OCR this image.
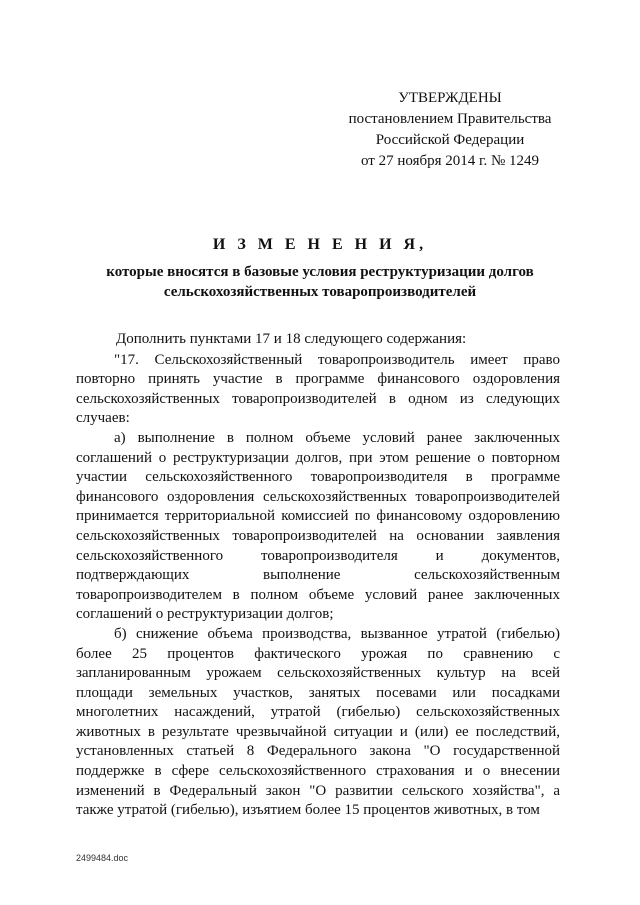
УТВЕРЖДЕНЫ
постановлением Правительства
Российской Федерации
от 27 ноября 2014 г. № 1249
И З М Е Н Е Н И Я,
которые вносятся в базовые условия реструктуризации долгов сельскохозяйственных товаропроизводителей

Дополнить пунктами 17 и 18 следующего содержания:

"17. Сельскохозяйственный товаропроизводитель имеет право повторно принять участие в программе финансового оздоровления сельскохозяйственных товаропроизводителей в одном из следующих случаев:

а) выполнение в полном объеме условий ранее заключенных соглашений о реструктуризации долгов, при этом решение о повторном участии сельскохозяйственного товаропроизводителя в программе финансового оздоровления сельскохозяйственных товаропроизводителей принимается территориальной комиссией по финансовому оздоровлению сельскохозяйственных товаропроизводителей на основании заявления сельскохозяйственного товаропроизводителя и документов, подтверждающих выполнение сельскохозяйственным товаропроизводителем в полном объеме условий ранее заключенных соглашений о реструктуризации долгов;

б) снижение объема производства, вызванное утратой (гибелью) более 25 процентов фактического урожая по сравнению с запланированным урожаем сельскохозяйственных культур на всей площади земельных участков, занятых посевами или посадками многолетних насаждений, утратой (гибелью) сельскохозяйственных животных в результате чрезвычайной ситуации и (или) ее последствий, установленных статьей 8 Федерального закона "О государственной поддержке в сфере сельскохозяйственного страхования и о внесении изменений в Федеральный закон "О развитии сельского хозяйства", а также утратой (гибелью), изъятием более 15 процентов животных, в том

2499484.doc
